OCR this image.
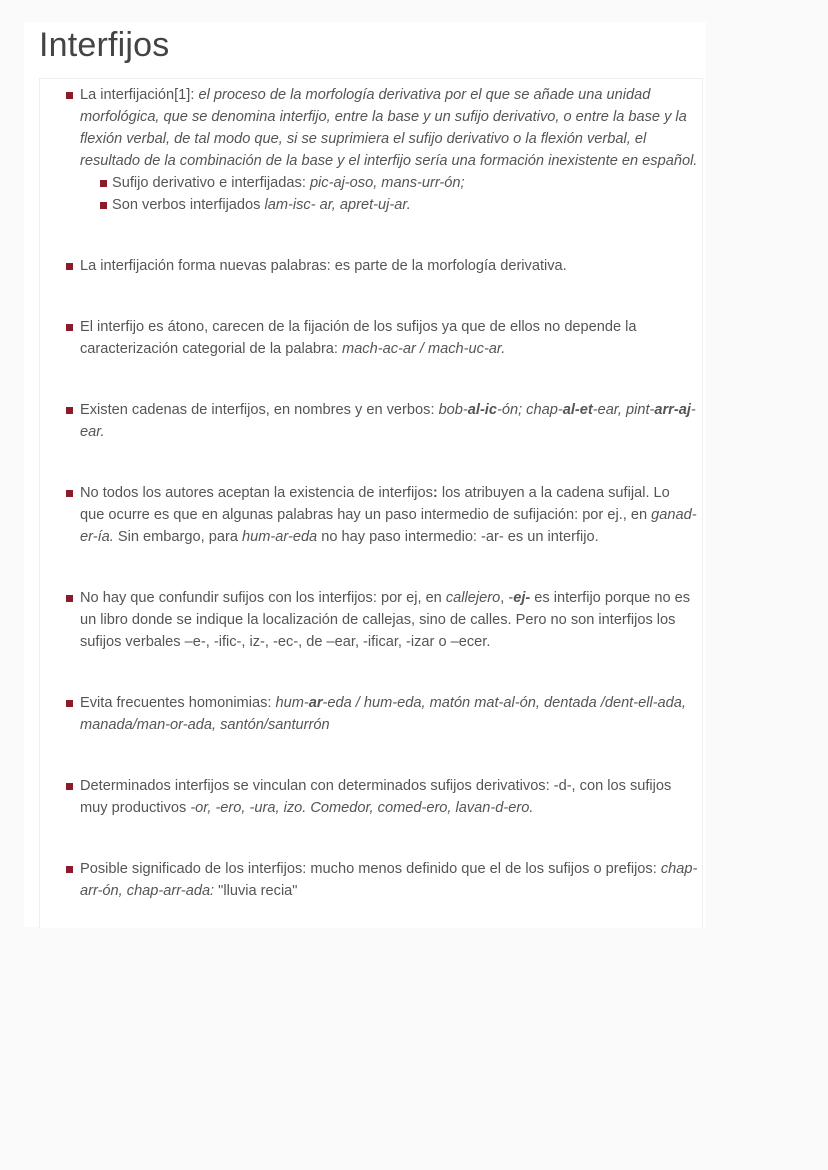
Interfijos
La interfijación[1]: el proceso de la morfología derivativa por el que se añade una unidad morfológica, que se denomina interfijo, entre la base y un sufijo derivativo, o entre la base y la flexión verbal, de tal modo que, si se suprimiera el sufijo derivativo o la flexión verbal, el resultado de la combinación de la base y el interfijo sería una formación inexistente en español.
Sufijo derivativo e interfijadas: pic-aj-oso, mans-urr-ón;
Son verbos interfijados lam-isc- ar, apret-uj-ar.
La interfijación forma nuevas palabras: es parte de la morfología derivativa.
El interfijo es átono, carecen de la fijación de los sufijos ya que de ellos no depende la caracterización categorial de la palabra: mach-ac-ar / mach-uc-ar.
Existen cadenas de interfijos, en nombres y en verbos: bob-al-ic-ón; chap-al-et-ear, pint-arr-aj-ear.
No todos los autores aceptan la existencia de interfijos: los atribuyen a la cadena sufijal. Lo que ocurre es que en algunas palabras hay un paso intermedio de sufijación: por ej., en ganad-er-ía. Sin embargo, para hum-ar-eda no hay paso intermedio: -ar- es un interfijo.
No hay que confundir sufijos con los interfijos: por ej, en callejero, -ej- es interfijo porque no es un libro donde se indique la localización de callejas, sino de calles. Pero no son interfijos los sufijos verbales –e-, -ific-, iz-, -ec-, de –ear, -ificar, -izar o –ecer.
Evita frecuentes homonimias: hum-ar-eda / hum-eda, matón mat-al-ón, dentada /dent-ell-ada, manada/man-or-ada, santón/santurrón
Determinados interfijos se vinculan con determinados sufijos derivativos: -d-, con los sufijos muy productivos -or, -ero, -ura, izo. Comedor, comed-ero, lavan-d-ero.
Posible significado de los interfijos: mucho menos definido que el de los sufijos o prefijos: chap-arr-ón, chap-arr-ada: "lluvia recia"
